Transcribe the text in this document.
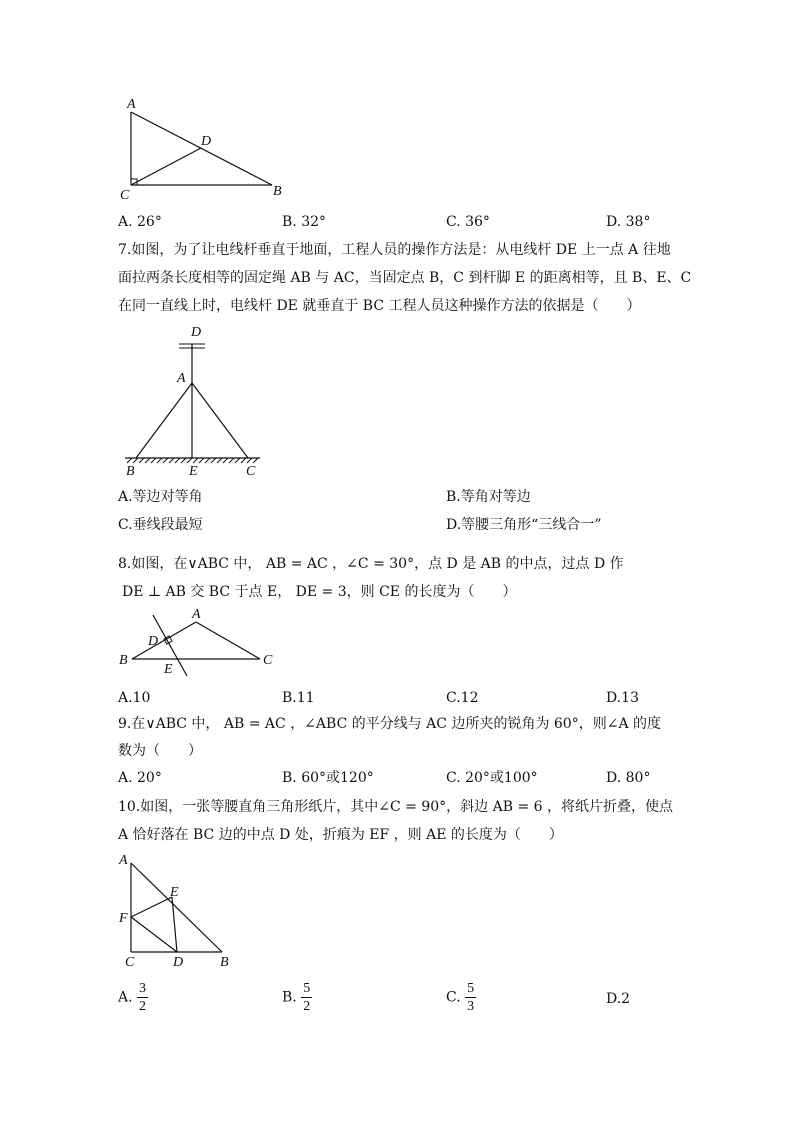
A
D
C	B
A. 26°	B. 32°	C. 36°	D. 38°
7.如图，为了让电线杆垂直于地面，工程人员的操作方法是：从电线杆 DE 上一点 A 往地
面拉两条长度相等的固定绳 AB 与 AC，当固定点 B，C 到杆脚 E 的距离相等，且 B、E、C
在同一直线上时，电线杆 DE 就垂直于 BC 工程人员这种操作方法的依据是（　　）
D
A
B	E	C
A.等边对等角	B.等角对等边
C.垂线段最短	D.等腰三角形“三线合一”
8.如图，在∨ABC 中， AB = AC ，∠C = 30°，点 D 是 AB 的中点，过点 D 作
DE ⊥ AB 交 BC 于点 E， DE = 3，则 CE 的长度为（　　）
A
D
B
E
C
A.10	B.11	C.12	D.13
9.在∨ABC 中， AB = AC ，∠ABC 的平分线与 AC 边所夹的锐角为 60°，则∠A 的度
数为（　　）
A. 20°	B. 60°或120°	C. 20°或100°	D. 80°
10.如图，一张等腰直角三角形纸片，其中∠C = 90°，斜边 AB = 6 ，将纸片折叠，使点
A 恰好落在 BC 边的中点 D 处，折痕为 EF ，则 AE 的长度为（　　）
A
E
F
C	D	B
A. $\frac{3}{2}$	B. $\frac{5}{2}$	C. $\frac{5}{3}$	D.2
